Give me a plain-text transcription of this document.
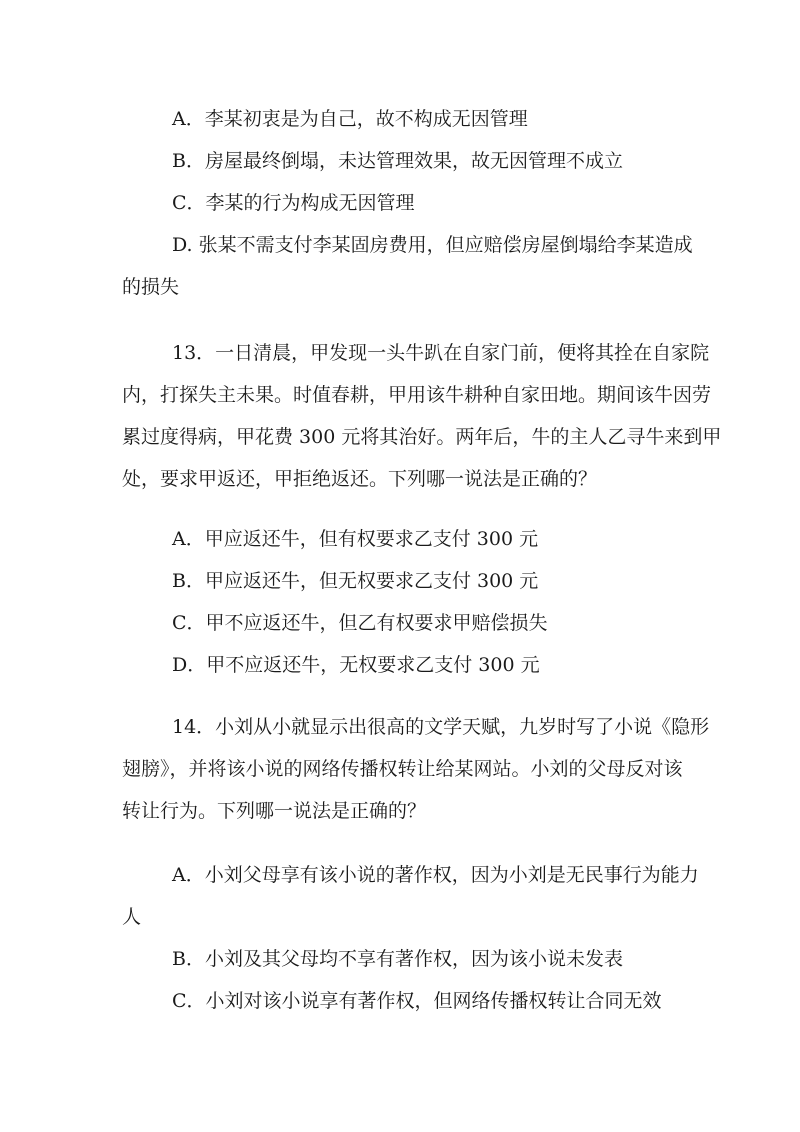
A．李某初衷是为自己，故不构成无因管理
B．房屋最终倒塌，未达管理效果，故无因管理不成立
C．李某的行为构成无因管理
D. 张某不需支付李某固房费用，但应赔偿房屋倒塌给李某造成
的损失
13．一日清晨，甲发现一头牛趴在自家门前，便将其拴在自家院
内，打探失主未果。时值春耕，甲用该牛耕种自家田地。期间该牛因劳
累过度得病，甲花费 300 元将其治好。两年后，牛的主人乙寻牛来到甲
处，要求甲返还，甲拒绝返还。下列哪一说法是正确的？
A．甲应返还牛，但有权要求乙支付 300 元
B．甲应返还牛，但无权要求乙支付 300 元
C．甲不应返还牛，但乙有权要求甲赔偿损失
D．甲不应返还牛，无权要求乙支付 300 元
14．小刘从小就显示出很高的文学天赋，九岁时写了小说《隐形
翅膀》，并将该小说的网络传播权转让给某网站。小刘的父母反对该
转让行为。下列哪一说法是正确的？
A．小刘父母享有该小说的著作权，因为小刘是无民事行为能力
人
B．小刘及其父母均不享有著作权，因为该小说未发表
C．小刘对该小说享有著作权，但网络传播权转让合同无效
